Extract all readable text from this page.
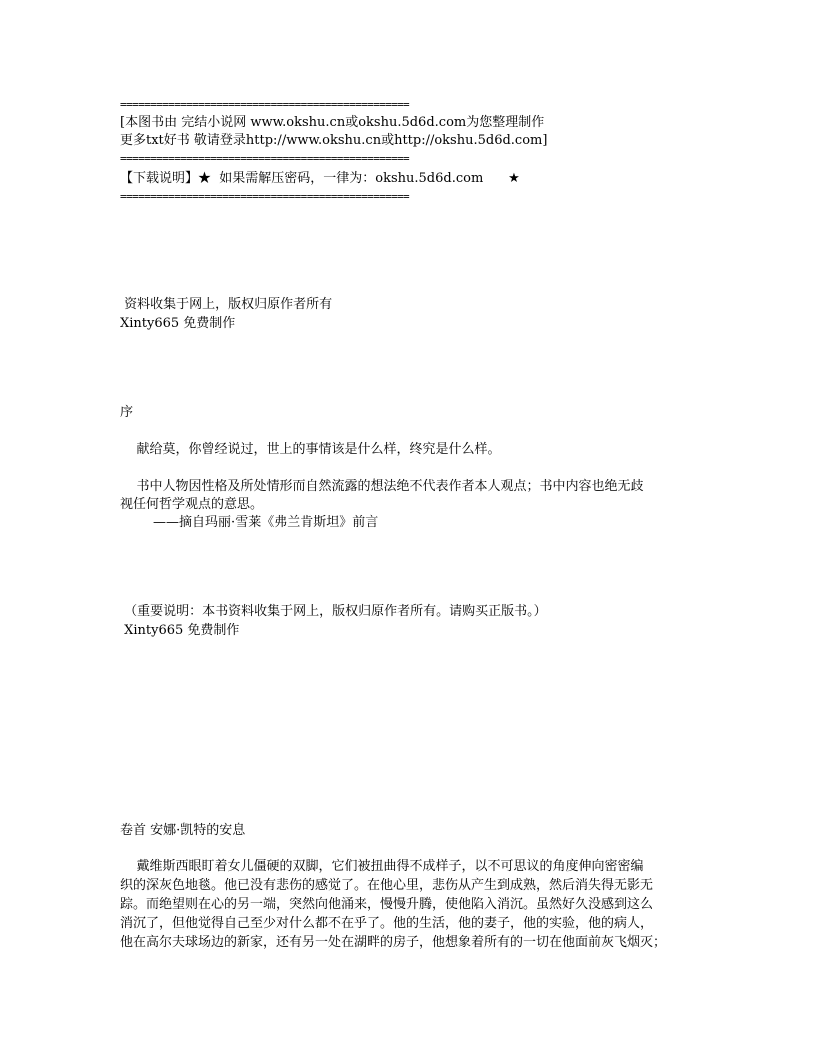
================================================
[本图书由 完结小说网 www.okshu.cn或okshu.5d6d.com为您整理制作
更多txt好书 敬请登录http://www.okshu.cn或http://okshu.5d6d.com]
================================================
【下载说明】★  如果需解压密码，一律为：okshu.5d6d.com      ★
================================================
资料收集于网上，版权归原作者所有
Xinty665 免费制作
序
献给莫，你曾经说过，世上的事情该是什么样，终究是什么样。
书中人物因性格及所处情形而自然流露的想法绝不代表作者本人观点；书中内容也绝无歧
视任何哲学观点的意思。
——摘自玛丽·雪莱《弗兰肯斯坦》前言
（重要说明：本书资料收集于网上，版权归原作者所有。请购买正版书。）
Xinty665 免费制作
卷首 安娜·凯特的安息
戴维斯西眼盯着女儿僵硬的双脚，它们被扭曲得不成样子，以不可思议的角度伸向密密编
织的深灰色地毯。他已没有悲伤的感觉了。在他心里，悲伤从产生到成熟，然后消失得无影无
踪。而绝望则在心的另一端，突然向他涌来，慢慢升腾，使他陷入消沉。虽然好久没感到这么
消沉了，但他觉得自己至少对什么都不在乎了。他的生活，他的妻子，他的实验，他的病人，
他在高尔夫球场边的新家，还有另一处在湖畔的房子，他想象着所有的一切在他面前灰飞烟灭；
